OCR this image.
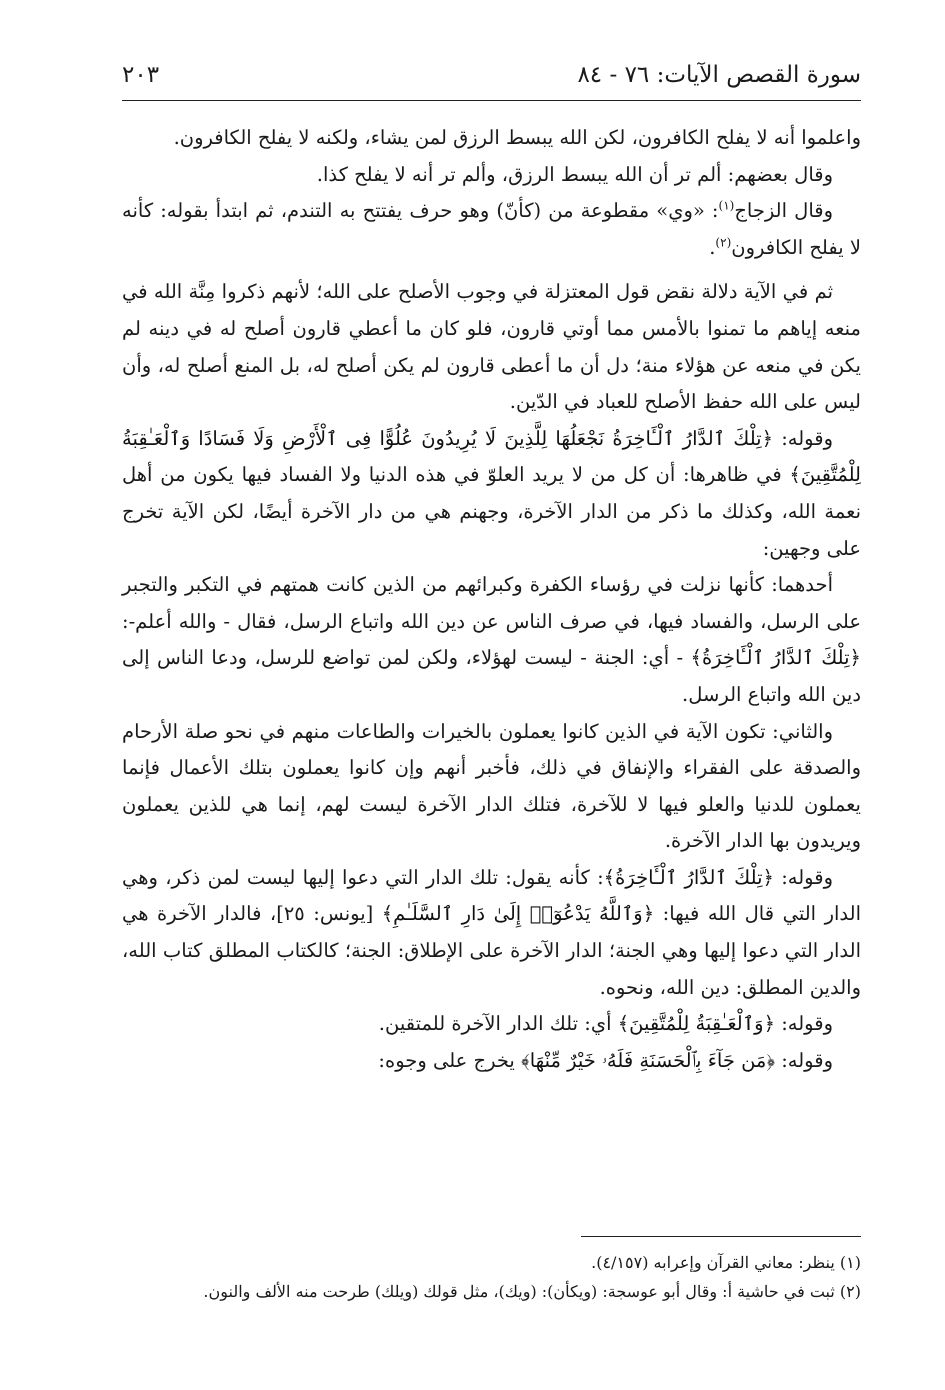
سورة القصص الآيات: ٧٦ - ٨٤
٢٠٣

واعلموا أنه لا يفلح الكافرون، لكن الله يبسط الرزق لمن يشاء، ولكنه لا يفلح الكافرون.

وقال بعضهم: ألم تر أن الله يبسط الرزق، وألم تر أنه لا يفلح كذا.

وقال الزجاج$^{(١)}$: «وي» مقطوعة من (كأنّ) وهو حرف يفتتح به التندم، ثم ابتدأ بقوله: كأنه لا يفلح الكافرون$^{(٢)}$.

ثم في الآية دلالة نقض قول المعتزلة في وجوب الأصلح على الله؛ لأنهم ذكروا مِنَّة الله في منعه إياهم ما تمنوا بالأمس مما أوتي قارون، فلو كان ما أعطي قارون أصلح له في دينه لم يكن في منعه عن هؤلاء منة؛ دل أن ما أعطى قارون لم يكن أصلح له، بل المنع أصلح له، وأن ليس على الله حفظ الأصلح للعباد في الدّين.

وقوله: ﴿تِلْكَ ٱلدَّارُ ٱلْـَٔاخِرَةُ نَجْعَلُهَا لِلَّذِينَ لَا يُرِيدُونَ عُلُوًّا فِى ٱلْأَرْضِ وَلَا فَسَادًا وَٱلْعَـٰقِبَةُ لِلْمُتَّقِينَ﴾ في ظاهرها: أن كل من لا يريد العلوّ في هذه الدنيا ولا الفساد فيها يكون من أهل نعمة الله، وكذلك ما ذكر من الدار الآخرة، وجهنم هي من دار الآخرة أيضًا، لكن الآية تخرج على وجهين:

أحدهما: كأنها نزلت في رؤساء الكفرة وكبرائهم من الذين كانت همتهم في التكبر والتجبر على الرسل، والفساد فيها، في صرف الناس عن دين الله واتباع الرسل، فقال - والله أعلم-: ﴿تِلْكَ ٱلدَّارُ ٱلْـَٔاخِرَةُ﴾ - أي: الجنة - ليست لهؤلاء، ولكن لمن تواضع للرسل، ودعا الناس إلى دين الله واتباع الرسل.

والثاني: تكون الآية في الذين كانوا يعملون بالخيرات والطاعات منهم في نحو صلة الأرحام والصدقة على الفقراء والإنفاق في ذلك، فأخبر أنهم وإن كانوا يعملون بتلك الأعمال فإنما يعملون للدنيا والعلو فيها لا للآخرة، فتلك الدار الآخرة ليست لهم، إنما هي للذين يعملون ويريدون بها الدار الآخرة.

وقوله: ﴿تِلْكَ ٱلدَّارُ ٱلْـَٔاخِرَةُ﴾: كأنه يقول: تلك الدار التي دعوا إليها ليست لمن ذكر، وهي الدار التي قال الله فيها: ﴿وَٱللَّهُ يَدْعُوٓا۟ إِلَىٰ دَارِ ٱلسَّلَـٰمِ﴾ [يونس: ٢٥]، فالدار الآخرة هي الدار التي دعوا إليها وهي الجنة؛ الدار الآخرة على الإطلاق: الجنة؛ كالكتاب المطلق كتاب الله، والدين المطلق: دين الله، ونحوه.

وقوله: ﴿وَٱلْعَـٰقِبَةُ لِلْمُتَّقِينَ﴾ أي: تلك الدار الآخرة للمتقين.

وقوله: ﴿مَن جَآءَ بِٱلْحَسَنَةِ فَلَهُۥ خَيْرٌ مِّنْهَا﴾ يخرج على وجوه:

(١) ينظر: معاني القرآن وإعرابه (٤/١٥٧).
(٢) ثبت في حاشية أ: وقال أبو عوسجة: (ويكأن): (ويك)، مثل قولك (ويلك) طرحت منه الألف والنون.
